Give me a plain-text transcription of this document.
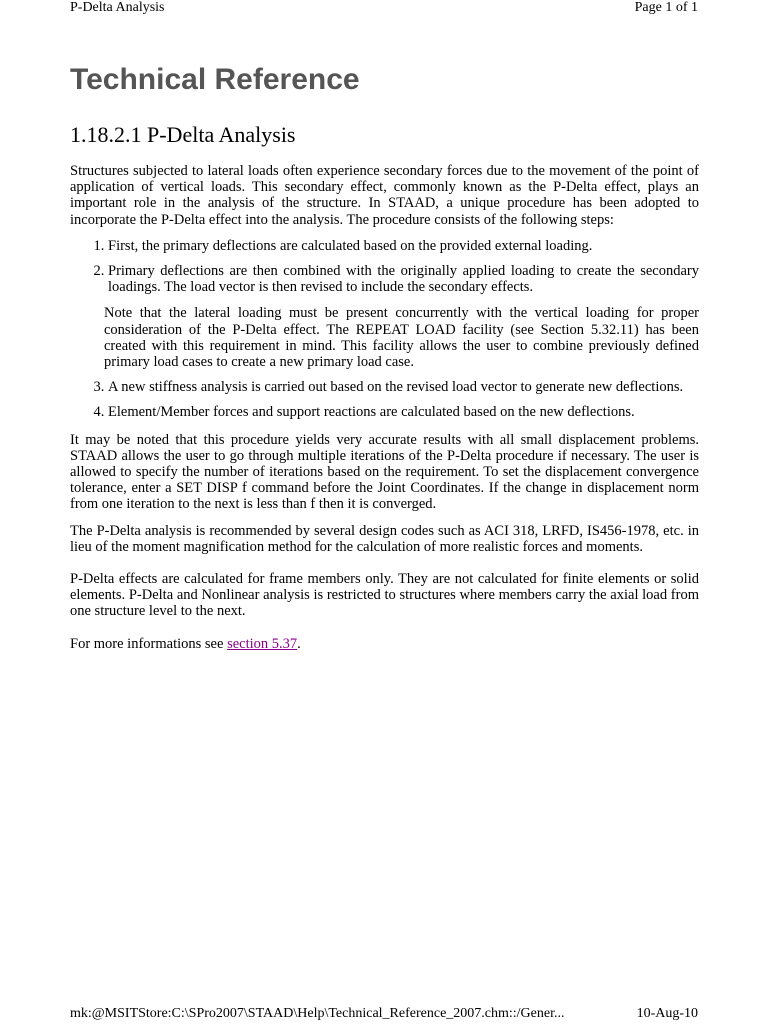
P-Delta Analysis	Page 1 of 1
Technical Reference
1.18.2.1 P-Delta Analysis

Structures subjected to lateral loads often experience secondary forces due to the movement of the point of application of vertical loads. This secondary effect, commonly known as the P-Delta effect, plays an important role in the analysis of the structure. In STAAD, a unique procedure has been adopted to incorporate the P-Delta effect into the analysis. The procedure consists of the following steps:

1. First, the primary deflections are calculated based on the provided external loading.
2. Primary deflections are then combined with the originally applied loading to create the secondary loadings. The load vector is then revised to include the secondary effects.

Note that the lateral loading must be present concurrently with the vertical loading for proper consideration of the P-Delta effect. The REPEAT LOAD facility (see Section 5.32.11) has been created with this requirement in mind. This facility allows the user to combine previously defined primary load cases to create a new primary load case.

3. A new stiffness analysis is carried out based on the revised load vector to generate new deflections.
4. Element/Member forces and support reactions are calculated based on the new deflections.

It may be noted that this procedure yields very accurate results with all small displacement problems. STAAD allows the user to go through multiple iterations of the P-Delta procedure if necessary. The user is allowed to specify the number of iterations based on the requirement. To set the displacement convergence tolerance, enter a SET DISP f command before the Joint Coordinates. If the change in displacement norm from one iteration to the next is less than f then it is converged.

The P-Delta analysis is recommended by several design codes such as ACI 318, LRFD, IS456-1978, etc. in lieu of the moment magnification method for the calculation of more realistic forces and moments.

P-Delta effects are calculated for frame members only. They are not calculated for finite elements or solid elements. P-Delta and Nonlinear analysis is restricted to structures where members carry the axial load from one structure level to the next.

For more informations see section 5.37.

mk:@MSITStore:C:\SPro2007\STAAD\Help\Technical_Reference_2007.chm::/Gener...	10-Aug-10
